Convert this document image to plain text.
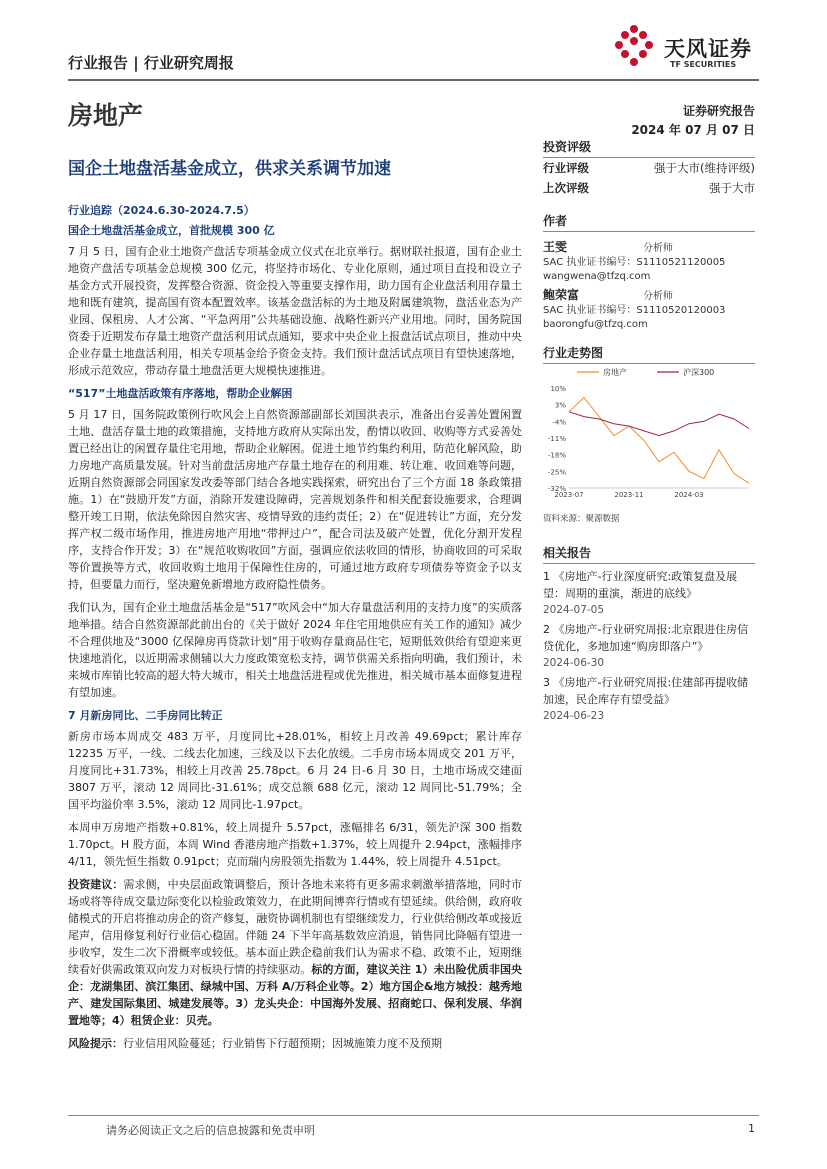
行业报告 | 行业研究周报
天风证券
TF SECURITIES
房地产	证券研究报告
2024 年 07 月 07 日
国企土地盘活基金成立，供求关系调节加速
投资评级
行业评级	强于大市(维持评级)
上次评级	强于大市
作者
王雯	分析师
SAC 执业证书编号：S1110521120005
wangwena@tfzq.com
鲍荣富	分析师
SAC 执业证书编号：S1110520120003
baorongfu@tfzq.com
行业走势图
10%
3%
-4%
-11%
-18%
-25%
-32%
2023-07	2023-11	2024-03
房地产	沪深300
资料来源：聚源数据
相关报告
1 《房地产-行业深度研究:政策复盘及展望：周期的重演，渐进的底线》
2024-07-05
2 《房地产-行业研究周报:北京跟进住房信贷优化，多地加速“购房即落户”》
2024-06-30
3 《房地产-行业研究周报:住建部再提收储加速，民企库存有望受益》
2024-06-23
行业追踪（2024.6.30-2024.7.5）
国企土地盘活基金成立，首批规模 300 亿

7 月 5 日，国有企业土地资产盘活专项基金成立仪式在北京举行。据财联社报道，国有企业土地资产盘活专项基金总规模 300 亿元，将坚持市场化、专业化原则，通过项目直投和设立子基金方式开展投资，发挥整合资源、资金投入等重要支撑作用，助力国有企业盘活利用存量土地和既有建筑，提高国有资本配置效率。该基金盘活标的为土地及附属建筑物，盘活业态为产业园、保租房、人才公寓、“平急两用”公共基础设施、战略性新兴产业用地。同时，国务院国资委于近期发布存量土地资产盘活利用试点通知，要求中央企业上报盘活试点项目，推动中央企业存量土地盘活利用，相关专项基金给予资金支持。我们预计盘活试点项目有望快速落地，形成示范效应，带动存量土地盘活更大规模快速推进。

“517”土地盘活政策有序落地，帮助企业解困

5 月 17 日，国务院政策例行吹风会上自然资源部副部长刘国洪表示，准备出台妥善处置闲置土地、盘活存量土地的政策措施，支持地方政府从实际出发，酌情以收回、收购等方式妥善处置已经出让的闲置存量住宅用地，帮助企业解困。促进土地节约集约利用，防范化解风险，助力房地产高质量发展。针对当前盘活房地产存量土地存在的利用难、转让难、收回难等问题，近期自然资源部会同国家发改委等部门结合各地实践探索，研究出台了三个方面 18 条政策措施。1）在“鼓励开发”方面，消除开发建设障碍，完善规划条件和相关配套设施要求，合理调整开竣工日期，依法免除因自然灾害、疫情导致的违约责任；2）在“促进转让”方面，充分发挥产权二级市场作用，推进房地产用地“带押过户”，配合司法及破产处置，优化分割开发程序，支持合作开发；3）在“规范收购收回”方面，强调应依法收回的情形，协商收回的可采取等价置换等方式，收回收购土地用于保障性住房的，可通过地方政府专项债券等资金予以支持，但要量力而行，坚决避免新增地方政府隐性债务。

我们认为，国有企业土地盘活基金是“517”吹风会中“加大存量盘活利用的支持力度”的实质落地举措。结合自然资源部此前出台的《关于做好 2024 年住宅用地供应有关工作的通知》减少不合理供地及“3000 亿保障房再贷款计划”用于收购存量商品住宅，短期低效供给有望迎来更快速地消化，以近期需求侧辅以大力度政策宽松支持，调节供需关系指向明确，我们预计，未来城市库销比较高的超大特大城市，相关土地盘活进程或优先推进，相关城市基本面修复进程有望加速。

7 月新房同比、二手房同比转正

新房市场本周成交 483 万平，月度同比+28.01%，相较上月改善 49.69pct；累计库存 12235 万平，一线、二线去化加速，三线及以下去化放缓。二手房市场本周成交 201 万平，月度同比+31.73%，相较上月改善 25.78pct。6 月 24 日-6 月 30 日，土地市场成交建面 3807 万平，滚动 12 周同比-31.61%；成交总额 688 亿元，滚动 12 周同比-51.79%；全国平均溢价率 3.5%，滚动 12 周同比-1.97pct。

本周申万房地产指数+0.81%，较上周提升 5.57pct，涨幅排名 6/31，领先沪深 300 指数 1.70pct。H 股方面，本周 Wind 香港房地产指数+1.37%，较上周提升 2.94pct，涨幅排序 4/11，领先恒生指数 0.91pct；克而瑞内房股领先指数为 1.44%，较上周提升 4.51pct。

投资建议：需求侧，中央层面政策调整后，预计各地未来将有更多需求刺激举措落地，同时市场或将等待成交量边际变化以检验政策效力，在此期间博弈行情或有望延续。供给侧，政府收储模式的开启将推动房企的资产修复，融资协调机制也有望继续发力，行业供给侧改革或接近尾声，信用修复利好行业信心稳固。伴随 24 下半年高基数效应消退，销售同比降幅有望进一步收窄，发生二次下滑概率或较低。基本面止跌企稳前我们认为需求不稳、政策不止，短期继续看好供需政策双向发力对板块行情的持续驱动。标的方面，建议关注 1）未出险优质非国央企：龙湖集团、滨江集团、绿城中国、万科 A/万科企业等。2）地方国企&地方城投：越秀地产、建发国际集团、城建发展等。3）龙头央企：中国海外发展、招商蛇口、保利发展、华润置地等；4）租赁企业：贝壳。

风险提示：行业信用风险蔓延；行业销售下行超预期；因城施策力度不及预期

请务必阅读正文之后的信息披露和免责申明	1
